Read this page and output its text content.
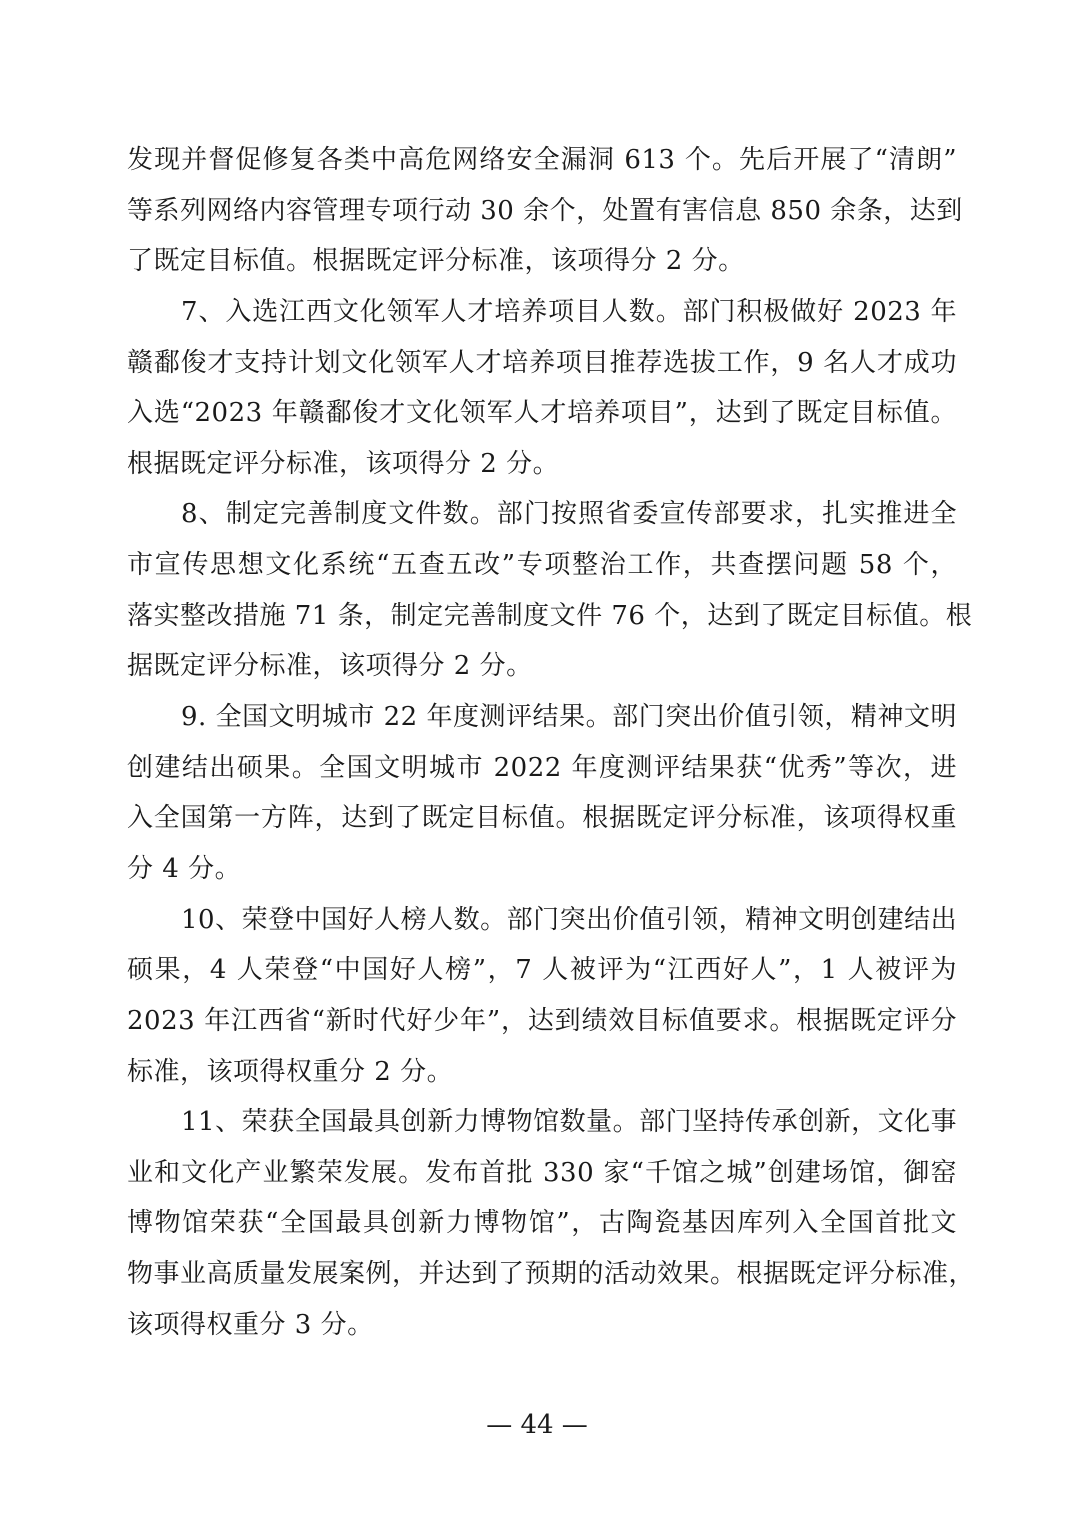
发现并督促修复各类中高危网络安全漏洞 613 个。先后开展了“清朗”
等系列网络内容管理专项行动 30 余个，处置有害信息 850 余条，达到
了既定目标值。根据既定评分标准，该项得分 2 分。
7、入选江西文化领军人才培养项目人数。部门积极做好 2023 年
赣鄱俊才支持计划文化领军人才培养项目推荐选拔工作，9 名人才成功
入选“2023 年赣鄱俊才文化领军人才培养项目”，达到了既定目标值。
根据既定评分标准，该项得分 2 分。
8、制定完善制度文件数。部门按照省委宣传部要求，扎实推进全
市宣传思想文化系统“五查五改”专项整治工作，共查摆问题 58 个，
落实整改措施 71 条，制定完善制度文件 76 个，达到了既定目标值。根
据既定评分标准，该项得分 2 分。
9. 全国文明城市 22 年度测评结果。部门突出价值引领，精神文明
创建结出硕果。全国文明城市 2022 年度测评结果获“优秀”等次，进
入全国第一方阵，达到了既定目标值。根据既定评分标准，该项得权重
分 4 分。
10、荣登中国好人榜人数。部门突出价值引领，精神文明创建结出
硕果，4 人荣登“中国好人榜”，7 人被评为“江西好人”，1 人被评为
2023 年江西省“新时代好少年”，达到绩效目标值要求。根据既定评分
标准，该项得权重分 2 分。
11、荣获全国最具创新力博物馆数量。部门坚持传承创新，文化事
业和文化产业繁荣发展。发布首批 330 家“千馆之城”创建场馆，御窑
博物馆荣获“全国最具创新力博物馆”，古陶瓷基因库列入全国首批文
物事业高质量发展案例，并达到了预期的活动效果。根据既定评分标准，
该项得权重分 3 分。
— 44 —
